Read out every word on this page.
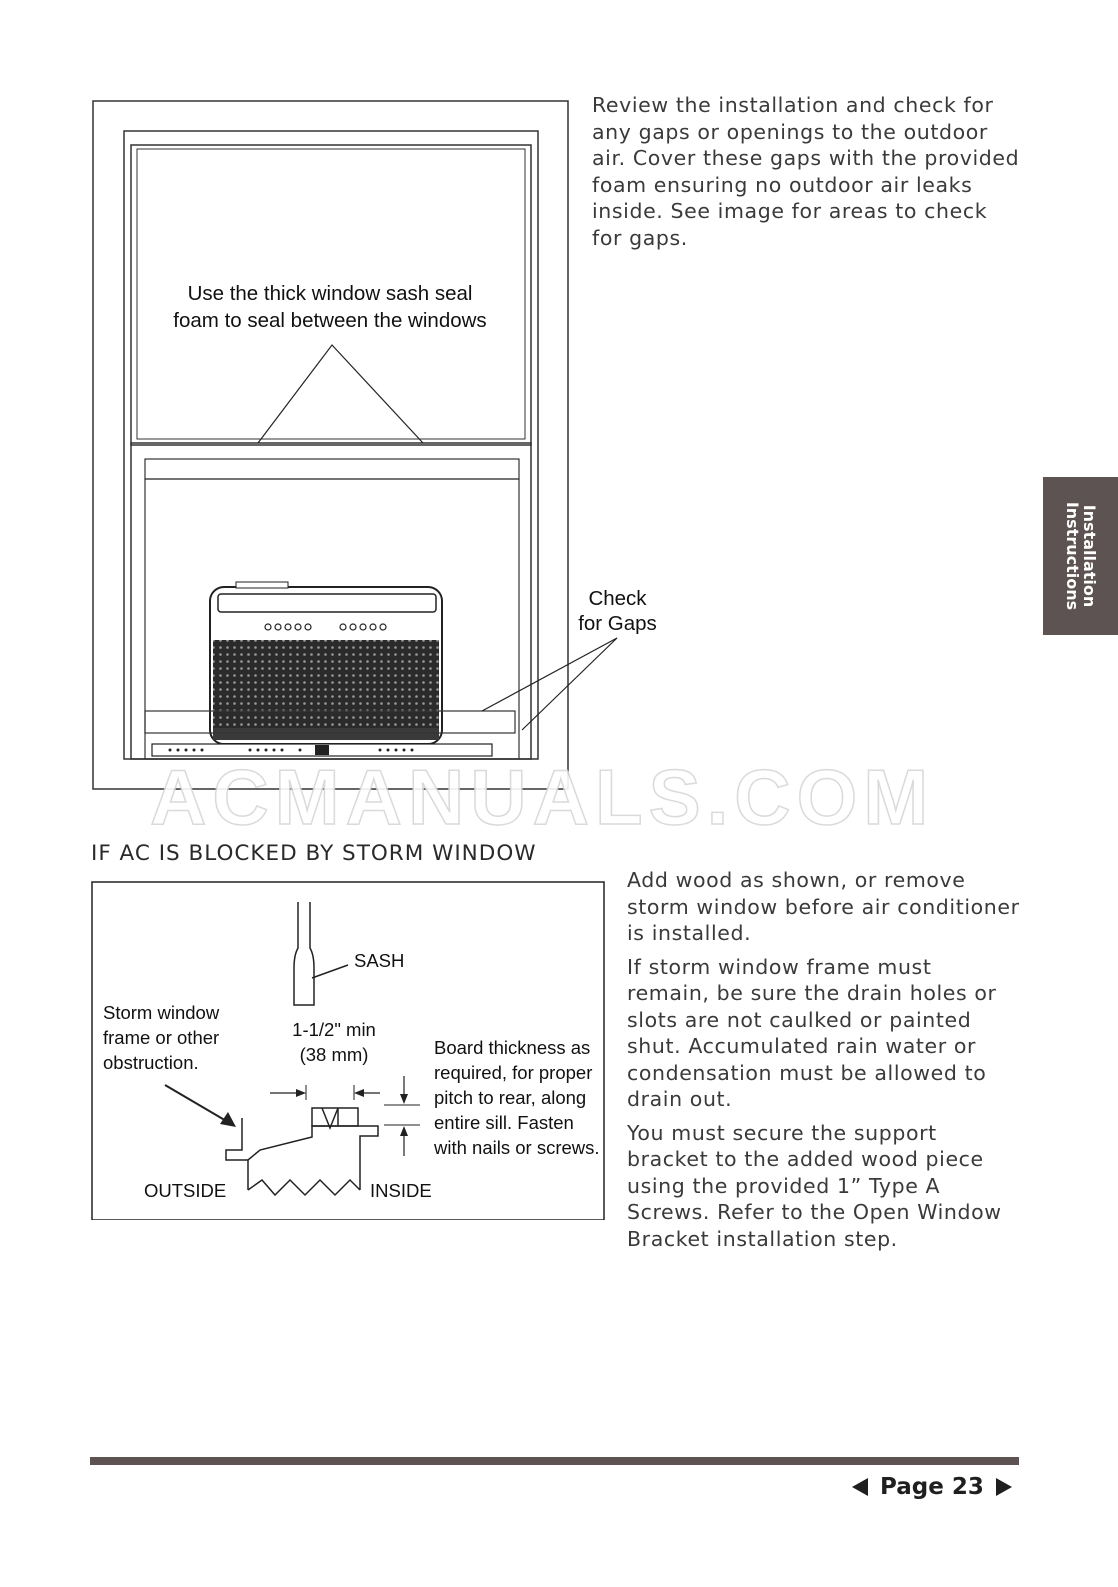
Use the thick window sash seal
foam to seal between the windows
Check
for Gaps
ACMANUALS.COM
Review the installation and check for
any gaps or openings to the outdoor
air. Cover these gaps with the provided
foam ensuring no outdoor air leaks
inside. See image for areas to check
for gaps.
Installation
Instructions
IF AC IS BLOCKED BY STORM WINDOW
SASH
Storm window
frame or other
obstruction.
1-1/2" min
(38 mm)	Board thickness as
required, for proper
pitch to rear, along
entire sill. Fasten
with nails or screws.
OUTSIDE	INSIDE

Add wood as shown, or remove
storm window before air conditioner
is installed.

If storm window frame must
remain, be sure the drain holes or
slots are not caulked or painted
shut. Accumulated rain water or
condensation must be allowed to
drain out.

You must secure the support
bracket to the added wood piece
using the provided 1” Type A
Screws. Refer to the Open Window
Bracket installation step.

Page 23
